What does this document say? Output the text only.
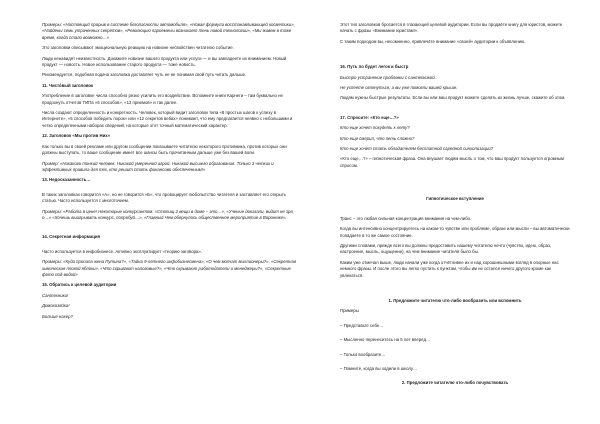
Примеры: «Настоящий прорыв в системе безопасности автомобиля», «Новая формула восстанавливающей косметики», «Найдены семь утраченных секретов», «Революцию пароемены возникает тень новой технологии», «Мы живем в тоже время, когда стало возможно…»

Это заголовки описывают эмоциональную реакцию на новизне несвойствен читателю событие.

Люди ненавидят неизвестность. Докажите новизне вашего продукта или услуги — и вы завладеете их вниманием. Новый продукт — новость. Новое использование старого продукта — тоже новость.

Рекомендуется, подобная подача заголовка доставляет чуть не не понимая свой путь читать дальше.

11. Чисто́вый заголовок

Употребление в заголовке числа способно резко усилить его воздействие. Вспомните книги Карнеги – там буквально не продохнуть отчетов ТИПа «6 способов», «12 приемов» и так далее.

Числа создают определенность и конкретность. Человек, который видит заголовок типа «8 простых шагов к успеху в Интернете», «5 способов победить порок» или «12 секретов вебах» понимает, что ему предлагается неявно с небольшими и четко определенными наборах сведений, на которые этот точный математический характер.

12. Заголовок «Мы против Них»

Как только вы в своей рекламе или другом сообщении показываете читателю некоторого противника, против которых они должны выступать, то ваше сообщение имеет все шансы быть прочитанным дальше уже без вашей воли.

Пример: «Никакого тонкий человек. Никакой умеренной игрой. Никакой высшего образования. Только 3 четких и эффективных правила для тех, кто решит стать финансово обеспеченным!»

13. Недосказанность…

В таких заголовках говорится «А», но не говорится «Б», что провоцирует любопытство читателя и заставляет его открыть статью. Часто используется с многоточием.

Примеры: «Работа в цене! Некоторые конкурсантом: «Стопищ 2 вещи в доме – это…», «Ученые доказали, видит не зря, о…» «Хочешь выигрывать конкурс, попробуй…», «Главный Чем обернулось общественное мероприятие в Воронеже».

14. Секретная информация

Часто используется в инфобизнесе. Активно эксплуатирует «теорию заговора».

Примеры: «Куда пропала жена Путина?», «Тайна 9-летнего инфобизнесмена», «О чем молчат миллионеры?», «Секретная химическая плохой яблоки», «Что скрывают налоговые?», «Что скрывают работодатели и менеджеры?», «Секретные фото под-водой»

15. Обратись к целевой аудитории

Сантехники!

Домохозяйка!

Больше нахер?

Этот тип заголовков бросается в глазающей целевой аудитории. Если вы продаёте книгу для юристов, можете начать с фразы «Внимание юристам!».

С таким подходом вы, несомненно, привлечёте внимание «своей» аудитории к объявлению.

16. Путь по будет легок и быстр

Быстро устранение проблемы с сантехникой.

Не успеете оглянуться, а вы уже помогли вашей крыше.

Людям нужны быстрые результаты. Если вы или ваш продукт можете сделать их жизнь лучше, скажите об этом.

17. Спросите: «Кто еще…?»

Кто еще хочет похудеть к лету?

Кто еще смерил, что петь сложно?

Кто еще хочет стать обладателем бесплатной сарейной синхолизации?

«Кто еще…?» – гипнотическая фраза. Она внушает людям мысль о том, что ваш продукт пользуется огромным спросом.

Гипнотическое вступление

Транс – это любая сильная концентрация внимания на чем-либо.

Когда вы интенсивно концентрируетесь на каком-то чувстве или проблеме, образе или мысли – вы автоматически попадаете в то же самое состояние.

Другими словами, прежде всего вы должны предоставить нашему читателю нечто (чувство, идею, образ, настроение, мысль, ощущение), на чем внимание читателя было бы.

Каким уже отмечал выше, люди начали уже когда отчётливее их и над хорошиешными взгляд в опорные нас немного фразы. И после этого вы легко пустить к пунктам, чтобы им не остался ничего другого кроме как увлекаться.

1. Предложите читателю что-либо вообразить или вспомнить

Примеры

– Представьте себе…

– Мысленно перенеситесь на 5 лет вперед…

– Только вообразите…

– Помните, когда вы ходили в школу…

2. Предложите читателю что-либо почувствовать
